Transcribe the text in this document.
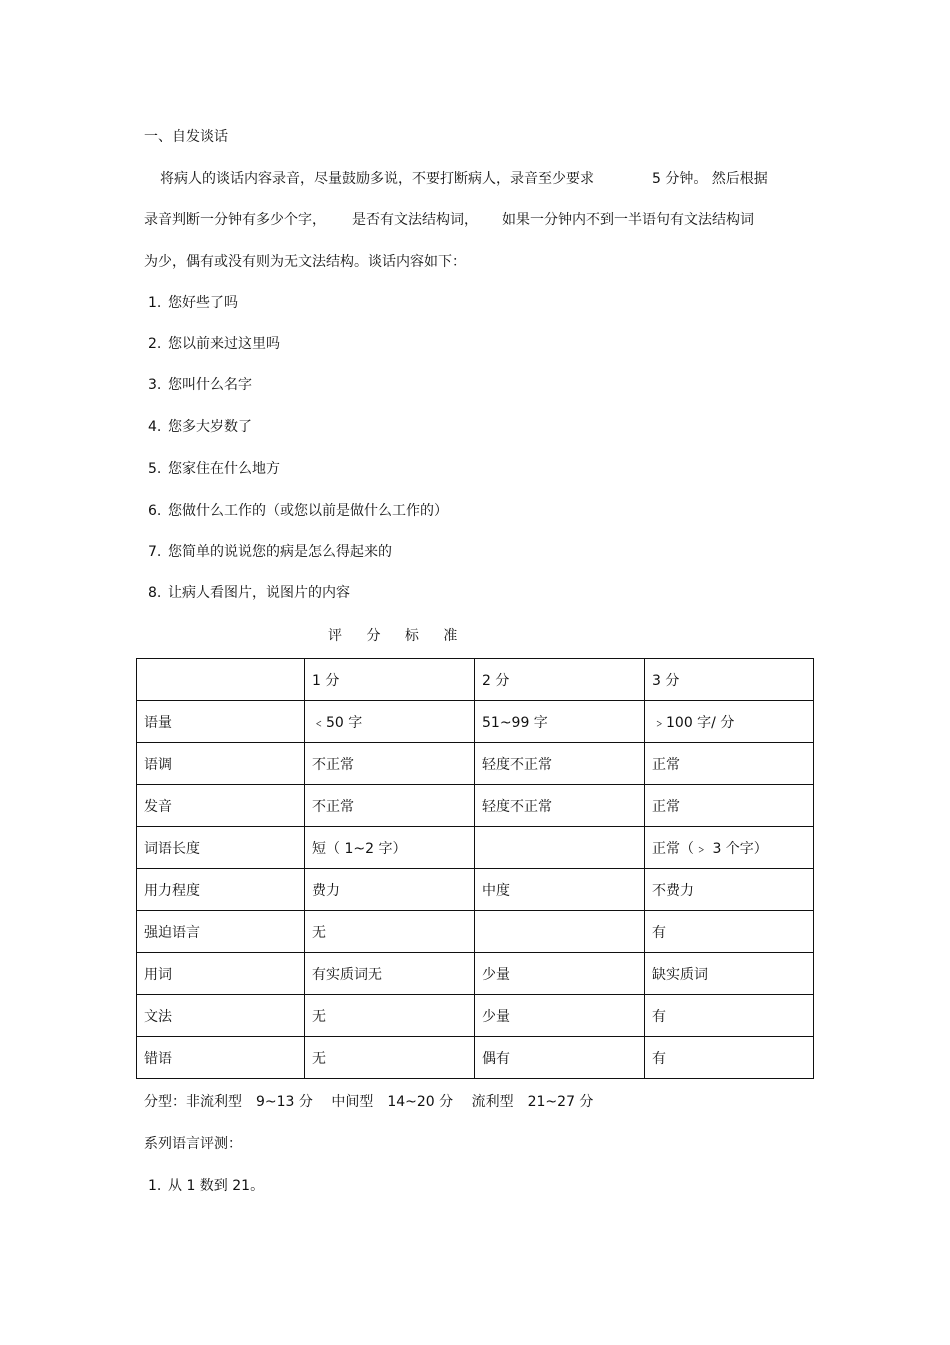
一、自发谈话
将病人的谈话内容录音，尽量鼓励多说，不要打断病人，录音至少要求	5 分钟。 然后根据
录音判断一分钟有多少个字， 是否有文法结构词， 如果一分钟内不到一半语句有文法结构词
为少，偶有或没有则为无文法结构。谈话内容如下：
1. 您好些了吗
2. 您以前来过这里吗
3. 您叫什么名字
4. 您多大岁数了
5. 您家住在什么地方
6. 您做什么工作的（或您以前是做什么工作的）
7. 您简单的说说您的病是怎么得起来的
8. 让病人看图片，说图片的内容
评 分 标 准
	1 分	2 分	3 分
语量	﹤50 字	51~99 字	﹥100 字/ 分
语调	不正常	轻度不正常	正常
发音	不正常	轻度不正常	正常
词语长度	短（ 1~2 字）		正常（﹥ 3 个字）
用力程度	费力	中度	不费力
强迫语言	无		有
用词	有实质词无	少量	缺实质词
文法	无	少量	有
错语	无	偶有	有
分型：非流利型　9~13 分　 中间型　14~20 分　 流利型　21~27 分
系列语言评测：
1. 从 1 数到 21。
